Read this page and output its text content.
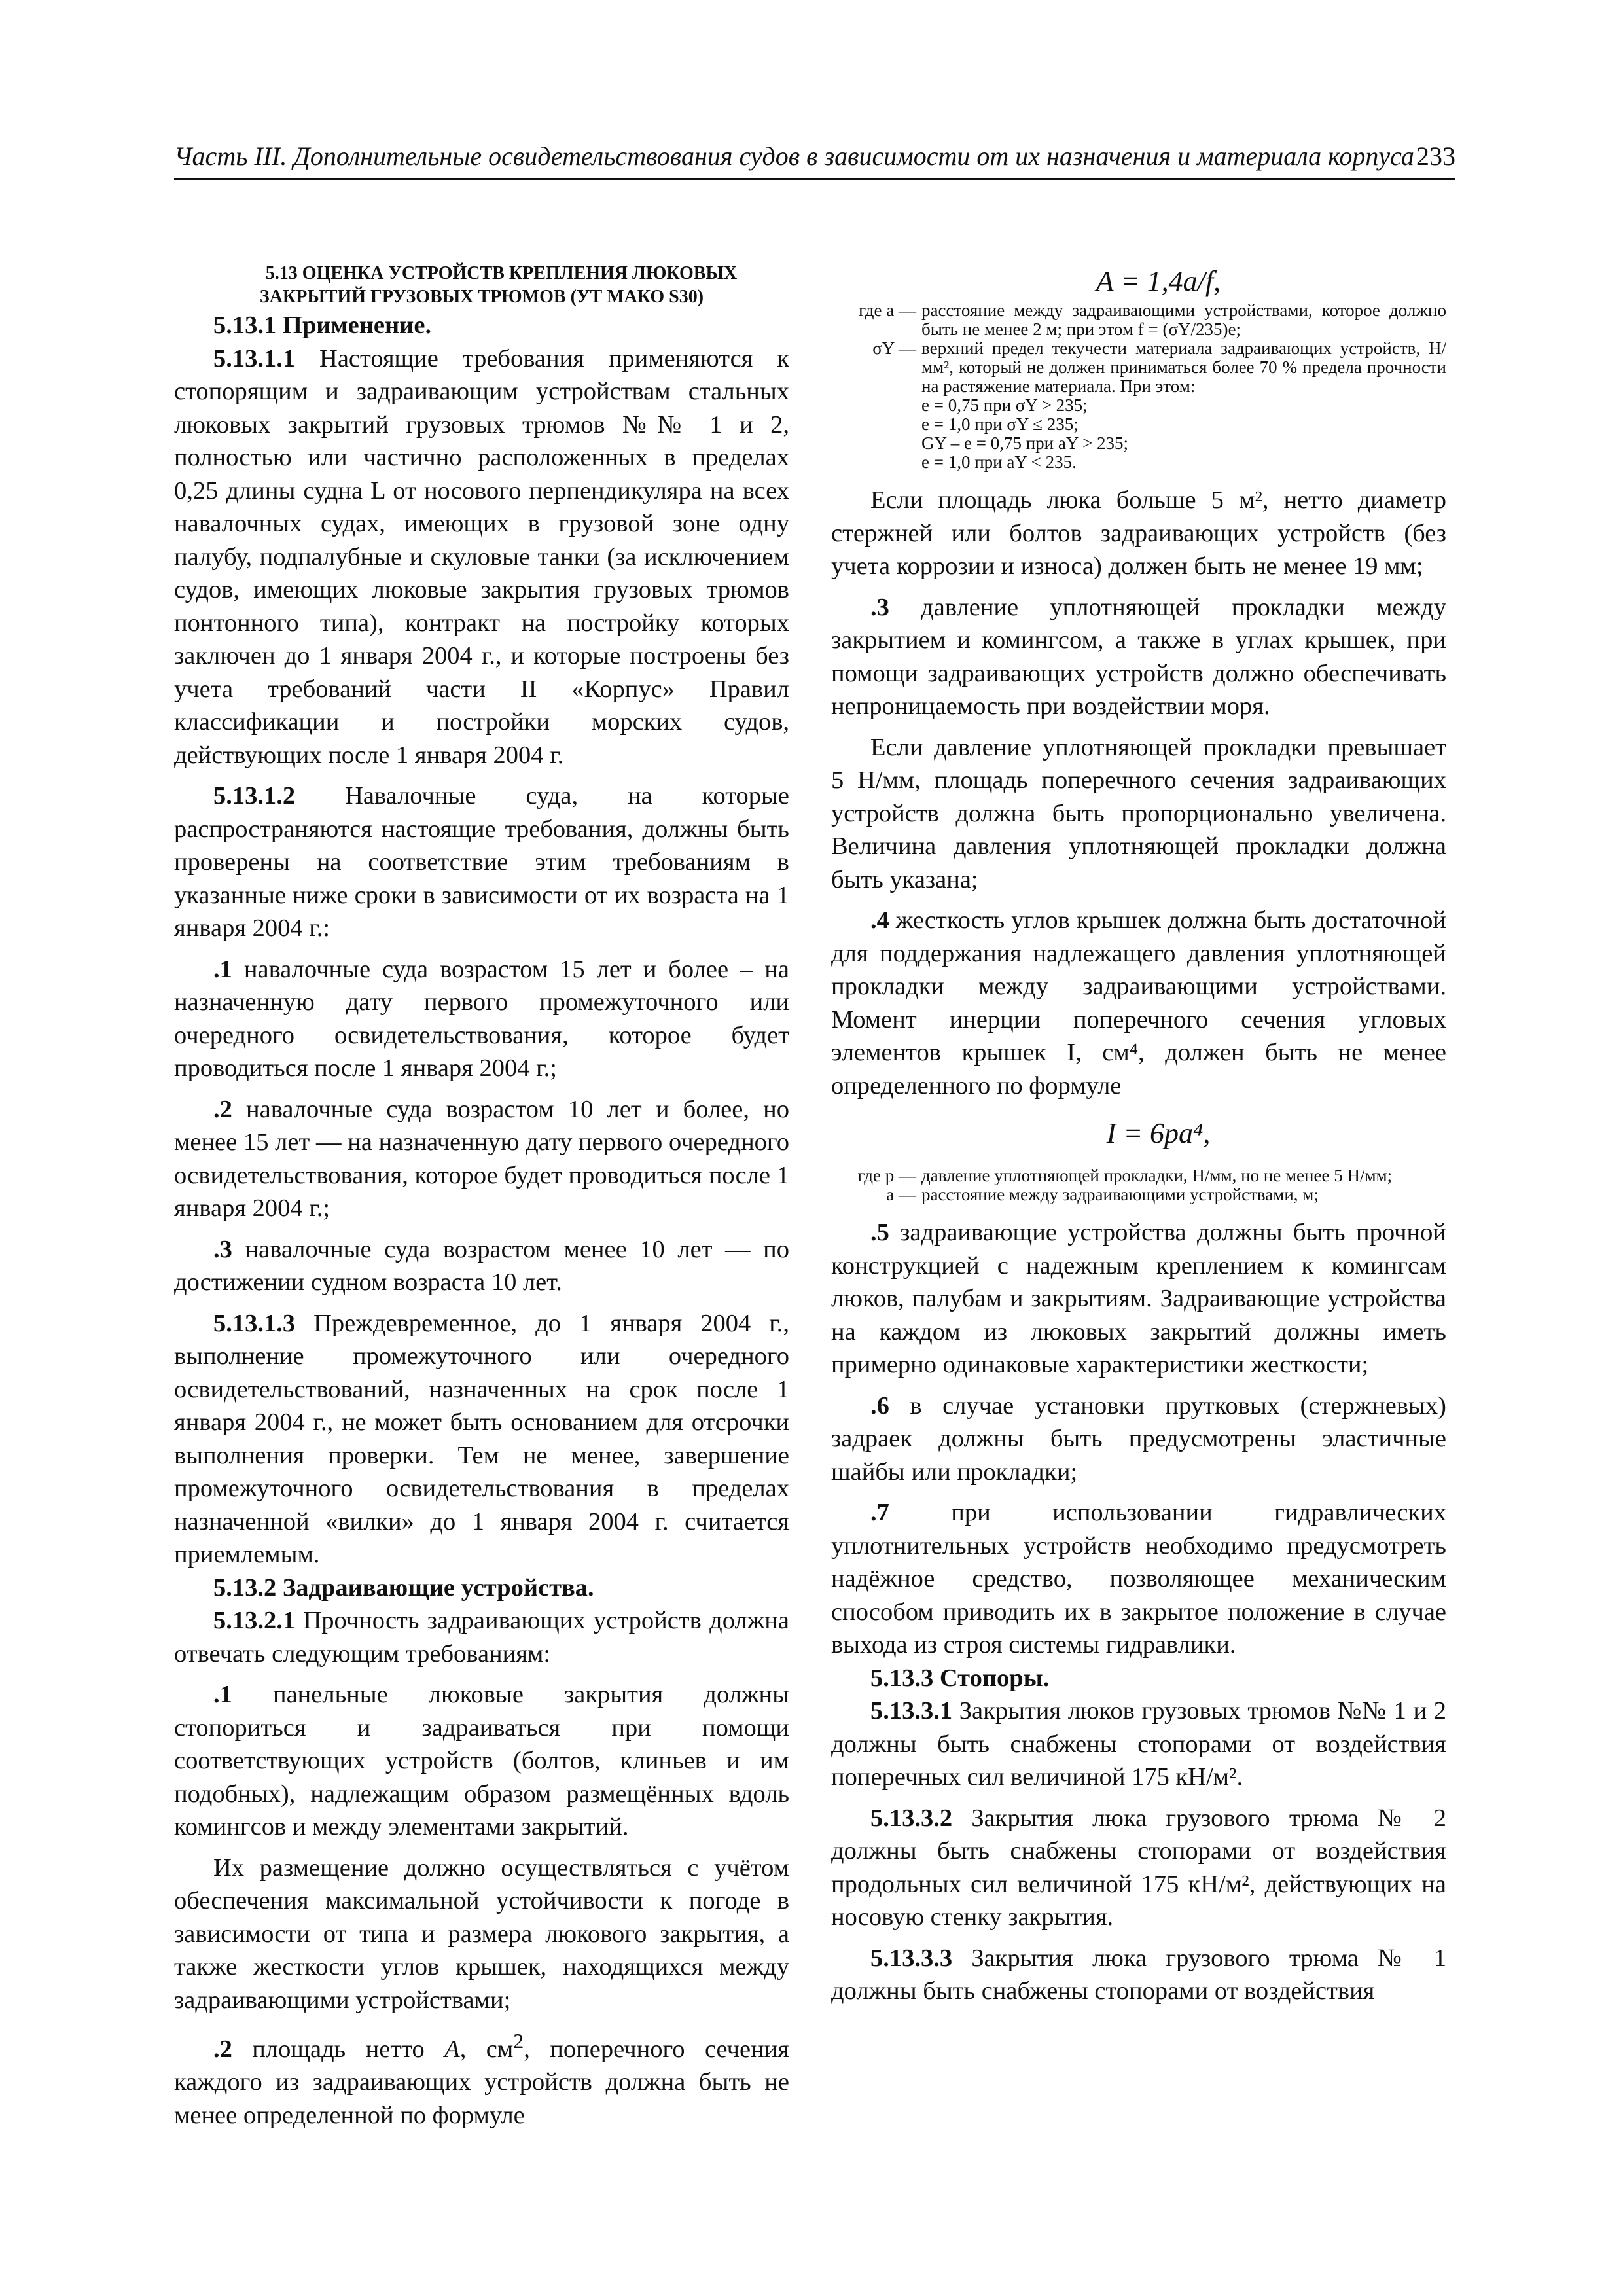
Часть III. Дополнительные освидетельствования судов в зависимости от их назначения и материала корпуса 233

5.13 ОЦЕНКА УСТРОЙСТВ КРЕПЛЕНИЯ ЛЮКОВЫХ ЗАКРЫТИЙ ГРУЗОВЫХ ТРЮМОВ (УТ МАКО S30)

5.13.1 Применение.

5.13.1.1 Настоящие требования применяются к стопорящим и задраивающим устройствам стальных люковых закрытий грузовых трюмов №№ 1 и 2, полностью или частично расположенных в пределах 0,25 длины судна L от носового перпендикуляра на всех навалочных судах, имеющих в грузовой зоне одну палубу, подпалубные и скуловые танки (за исключением судов, имеющих люковые закрытия грузовых трюмов понтонного типа), контракт на постройку которых заключен до 1 января 2004 г., и которые построены без учета требований части II «Корпус» Правил классификации и постройки морских судов, действующих после 1 января 2004 г.

5.13.1.2 Навалочные суда, на которые распространяются настоящие требования, должны быть проверены на соответствие этим требованиям в указанные ниже сроки в зависимости от их возраста на 1 января 2004 г.:

.1 навалочные суда возрастом 15 лет и более – на назначенную дату первого промежуточного или очередного освидетельствования, которое будет проводиться после 1 января 2004 г.;

.2 навалочные суда возрастом 10 лет и более, но менее 15 лет — на назначенную дату первого очередного освидетельствования, которое будет проводиться после 1 января 2004 г.;

.3 навалочные суда возрастом менее 10 лет — по достижении судном возраста 10 лет.

5.13.1.3 Преждевременное, до 1 января 2004 г., выполнение промежуточного или очередного освидетельствований, назначенных на срок после 1 января 2004 г., не может быть основанием для отсрочки выполнения проверки. Тем не менее, завершение промежуточного освидетельствования в пределах назначенной «вилки» до 1 января 2004 г. считается приемлемым.

5.13.2 Задраивающие устройства.

5.13.2.1 Прочность задраивающих устройств должна отвечать следующим требованиям:

.1 панельные люковые закрытия должны стопориться и задраиваться при помощи соответствующих устройств (болтов, клиньев и им подобных), надлежащим образом размещённых вдоль комингсов и между элементами закрытий.

Их размещение должно осуществляться с учётом обеспечения максимальной устойчивости к погоде в зависимости от типа и размера люкового закрытия, а также жесткости углов крышек, находящихся между задраивающими устройствами;

.2 площадь нетто A, $см^2$, поперечного сечения каждого из задраивающих устройств должна быть не менее определенной по формуле

A = 1,4a/f,

где a —	расстояние между задраивающими устройствами, которое должно быть не менее 2 м; при этом f = (σY/235)e;
σY —	верхний предел текучести материала задраивающих устройств, Н/мм², который не должен приниматься более 70 % предела прочности на растяжение материала. При этом:
e = 0,75 при σY > 235;
e = 1,0 при σY ≤ 235;
GY – e = 0,75 при aY > 235;
e = 1,0 при aY < 235.

Если площадь люка больше 5 м², нетто диаметр стержней или болтов задраивающих устройств (без учета коррозии и износа) должен быть не менее 19 мм;

.3 давление уплотняющей прокладки между закрытием и комингсом, а также в углах крышек, при помощи задраивающих устройств должно обеспечивать непроницаемость при воздействии моря.

Если давление уплотняющей прокладки превышает 5 Н/мм, площадь поперечного сечения задраивающих устройств должна быть пропорционально увеличена. Величина давления уплотняющей прокладки должна быть указана;

.4 жесткость углов крышек должна быть достаточной для поддержания надлежащего давления уплотняющей прокладки между задраивающими устройствами. Момент инерции поперечного сечения угловых элементов крышек I, см⁴, должен быть не менее определенного по формуле

I = 6pa⁴,

где p —	давление уплотняющей прокладки, Н/мм, но не менее 5 Н/мм;
a —	расстояние между задраивающими устройствами, м;

.5 задраивающие устройства должны быть прочной конструкцией с надежным креплением к комингсам люков, палубам и закрытиям. Задраивающие устройства на каждом из люковых закрытий должны иметь примерно одинаковые характеристики жесткости;

.6 в случае установки прутковых (стержневых) задраек должны быть предусмотрены эластичные шайбы или прокладки;

.7 при использовании гидравлических уплотнительных устройств необходимо предусмотреть надёжное средство, позволяющее механическим способом приводить их в закрытое положение в случае выхода из строя системы гидравлики.

5.13.3 Стопоры.

5.13.3.1 Закрытия люков грузовых трюмов №№ 1 и 2 должны быть снабжены стопорами от воздействия поперечных сил величиной 175 кН/м².

5.13.3.2 Закрытия люка грузового трюма № 2 должны быть снабжены стопорами от воздействия продольных сил величиной 175 кН/м², действующих на носовую стенку закрытия.

5.13.3.3 Закрытия люка грузового трюма № 1 должны быть снабжены стопорами от воздействия
